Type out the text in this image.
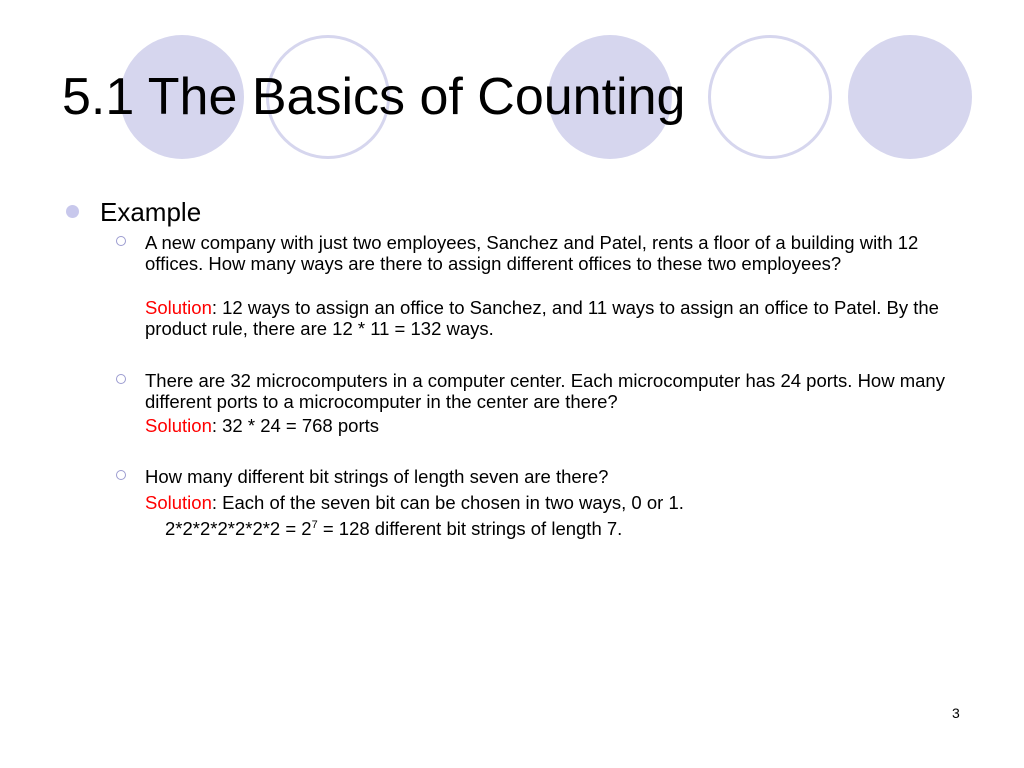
5.1 The Basics of Counting
Example
A new company with just two employees, Sanchez and Patel, rents a floor of a building with 12 offices. How many ways are there to assign different offices to these two employees?
Solution: 12 ways to assign an office to Sanchez, and 11 ways to assign an office to Patel. By the product rule, there are 12 * 11 = 132 ways.
There are 32 microcomputers in a computer center. Each microcomputer has 24 ports. How many different ports to a microcomputer in the center are there?
Solution: 32 * 24 = 768 ports
How many different bit strings of length seven are there?
Solution: Each of the seven bit can be chosen in two ways, 0 or 1.
$2*2*2*2*2*2*2 = 2^7 = 128$ different bit strings of length 7.
3
